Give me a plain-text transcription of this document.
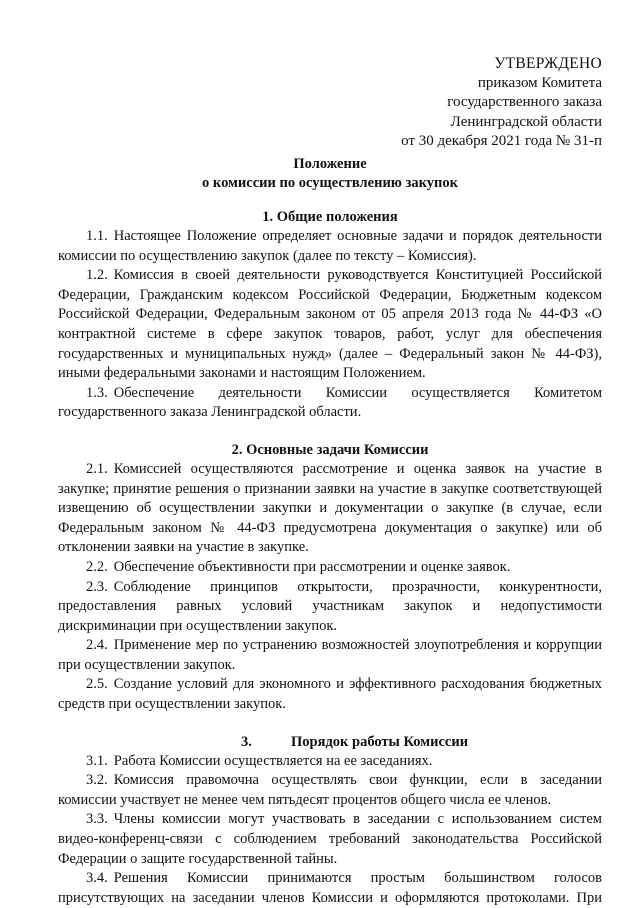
УТВЕРЖДЕНО
приказом Комитета
государственного заказа
Ленинградской области
от 30 декабря 2021 года № 31-п
Положение
о комиссии по осуществлению закупок
1. Общие положения

1.1. Настоящее Положение определяет основные задачи и порядок деятельности комиссии по осуществлению закупок (далее по тексту – Комиссия).

1.2. Комиссия в своей деятельности руководствуется Конституцией Российской Федерации, Гражданским кодексом Российской Федерации, Бюджетным кодексом Российской Федерации, Федеральным законом от 05 апреля 2013 года № 44-ФЗ «О контрактной системе в сфере закупок товаров, работ, услуг для обеспечения государственных и муниципальных нужд» (далее – Федеральный закон № 44-ФЗ), иными федеральными законами и настоящим Положением.

1.3. Обеспечение деятельности Комиссии осуществляется Комитетом государственного заказа Ленинградской области.

2. Основные задачи Комиссии

2.1. Комиссией осуществляются рассмотрение и оценка заявок на участие в закупке; принятие решения о признании заявки на участие в закупке соответствующей извещению об осуществлении закупки и документации о закупке (в случае, если Федеральным законом № 44-ФЗ предусмотрена документация о закупке) или об отклонении заявки на участие в закупке.

2.2. Обеспечение объективности при рассмотрении и оценке заявок.

2.3. Соблюдение принципов открытости, прозрачности, конкурентности, предоставления равных условий участникам закупок и недопустимости дискриминации при осуществлении закупок.

2.4. Применение мер по устранению возможностей злоупотребления и коррупции при осуществлении закупок.

2.5. Создание условий для экономного и эффективного расходования бюджетных средств при осуществлении закупок.

3.	Порядок работы Комиссии

3.1. Работа Комиссии осуществляется на ее заседаниях.

3.2. Комиссия правомочна осуществлять свои функции, если в заседании комиссии участвует не менее чем пятьдесят процентов общего числа ее членов.

3.3. Члены комиссии могут участвовать в заседании с использованием систем видео-конференц-связи с соблюдением требований законодательства Российской Федерации о защите государственной тайны.

3.4. Решения Комиссии принимаются простым большинством голосов присутствующих на заседании членов Комиссии и оформляются протоколами. При
